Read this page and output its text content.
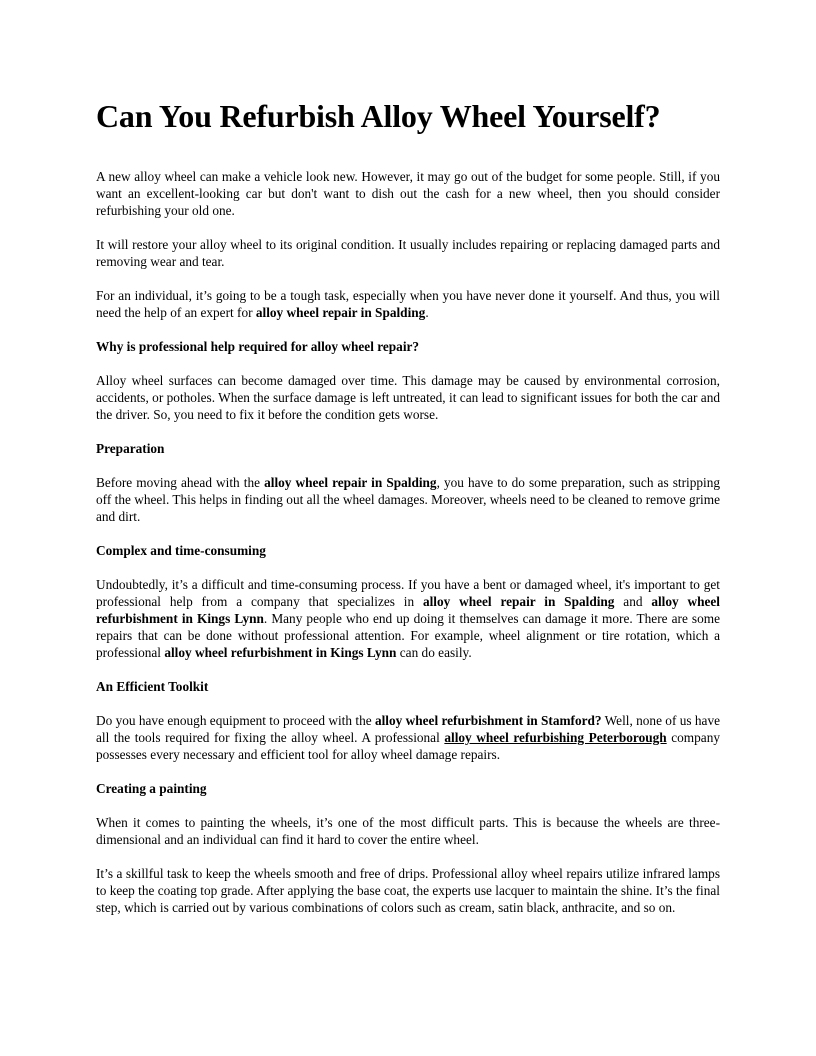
Can You Refurbish Alloy Wheel Yourself?

A new alloy wheel can make a vehicle look new. However, it may go out of the budget for some people. Still, if you want an excellent-looking car but don't want to dish out the cash for a new wheel, then you should consider refurbishing your old one.

It will restore your alloy wheel to its original condition. It usually includes repairing or replacing damaged parts and removing wear and tear.

For an individual, it’s going to be a tough task, especially when you have never done it yourself. And thus, you will need the help of an expert for alloy wheel repair in Spalding.

Why is professional help required for alloy wheel repair?

Alloy wheel surfaces can become damaged over time. This damage may be caused by environmental corrosion, accidents, or potholes. When the surface damage is left untreated, it can lead to significant issues for both the car and the driver. So, you need to fix it before the condition gets worse.

Preparation

Before moving ahead with the alloy wheel repair in Spalding, you have to do some preparation, such as stripping off the wheel. This helps in finding out all the wheel damages. Moreover, wheels need to be cleaned to remove grime and dirt.

Complex and time-consuming

Undoubtedly, it’s a difficult and time-consuming process. If you have a bent or damaged wheel, it's important to get professional help from a company that specializes in alloy wheel repair in Spalding and alloy wheel refurbishment in Kings Lynn. Many people who end up doing it themselves can damage it more. There are some repairs that can be done without professional attention. For example, wheel alignment or tire rotation, which a professional alloy wheel refurbishment in Kings Lynn can do easily.

An Efficient Toolkit

Do you have enough equipment to proceed with the alloy wheel refurbishment in Stamford? Well, none of us have all the tools required for fixing the alloy wheel. A professional alloy wheel refurbishing Peterborough company possesses every necessary and efficient tool for alloy wheel damage repairs.

Creating a painting

When it comes to painting the wheels, it’s one of the most difficult parts. This is because the wheels are three-dimensional and an individual can find it hard to cover the entire wheel.

It’s a skillful task to keep the wheels smooth and free of drips. Professional alloy wheel repairs utilize infrared lamps to keep the coating top grade. After applying the base coat, the experts use lacquer to maintain the shine. It’s the final step, which is carried out by various combinations of colors such as cream, satin black, anthracite, and so on.
